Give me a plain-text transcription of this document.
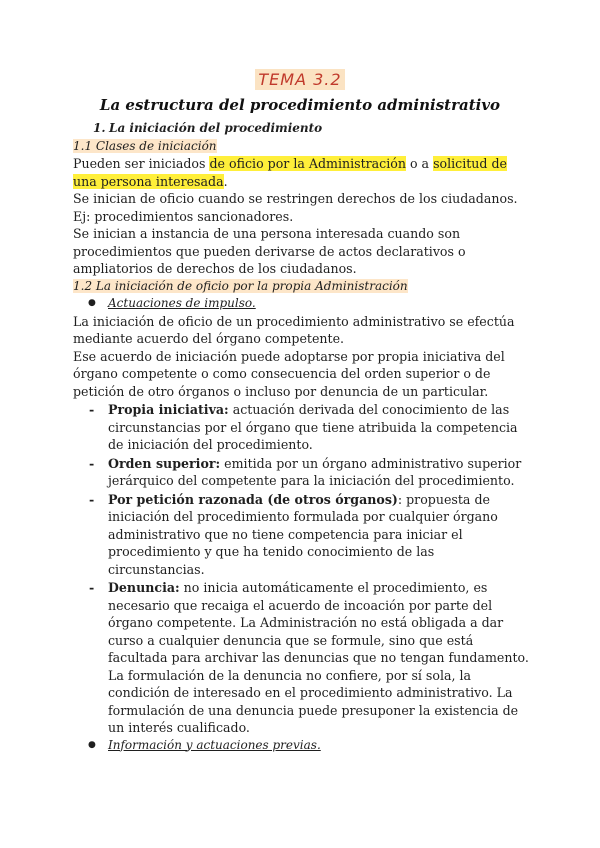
TEMA 3.2
La estructura del procedimiento administrativo
1. La iniciación del procedimiento
1.1 Clases de iniciación

Pueden ser iniciados de oficio por la Administración o a solicitud de una persona interesada.

Se inician de oficio cuando se restringen derechos de los ciudadanos. Ej: procedimientos sancionadores.

Se inician a instancia de una persona interesada cuando son procedimientos que pueden derivarse de actos declarativos o ampliatorios de derechos de los ciudadanos.

1.2 La iniciación de oficio por la propia Administración
● Actuaciones de impulso.

La iniciación de oficio de un procedimiento administrativo se efectúa mediante acuerdo del órgano competente.

Ese acuerdo de iniciación puede adoptarse por propia iniciativa del órgano competente o como consecuencia del orden superior o de petición de otro órganos o incluso por denuncia de un particular.

- Propia iniciativa: actuación derivada del conocimiento de las circunstancias por el órgano que tiene atribuida la competencia de iniciación del procedimiento.
- Orden superior: emitida por un órgano administrativo superior jerárquico del competente para la iniciación del procedimiento.
- Por petición razonada (de otros órganos): propuesta de iniciación del procedimiento formulada por cualquier órgano administrativo que no tiene competencia para iniciar el procedimiento y que ha tenido conocimiento de las circunstancias.
- Denuncia: no inicia automáticamente el procedimiento, es necesario que recaiga el acuerdo de incoación por parte del órgano competente. La Administración no está obligada a dar curso a cualquier denuncia que se formule, sino que está facultada para archivar las denuncias que no tengan fundamento.

La formulación de la denuncia no confiere, por sí sola, la condición de interesado en el procedimiento administrativo. La formulación de una denuncia puede presuponer la existencia de un interés cualificado.

● Información y actuaciones previas.
